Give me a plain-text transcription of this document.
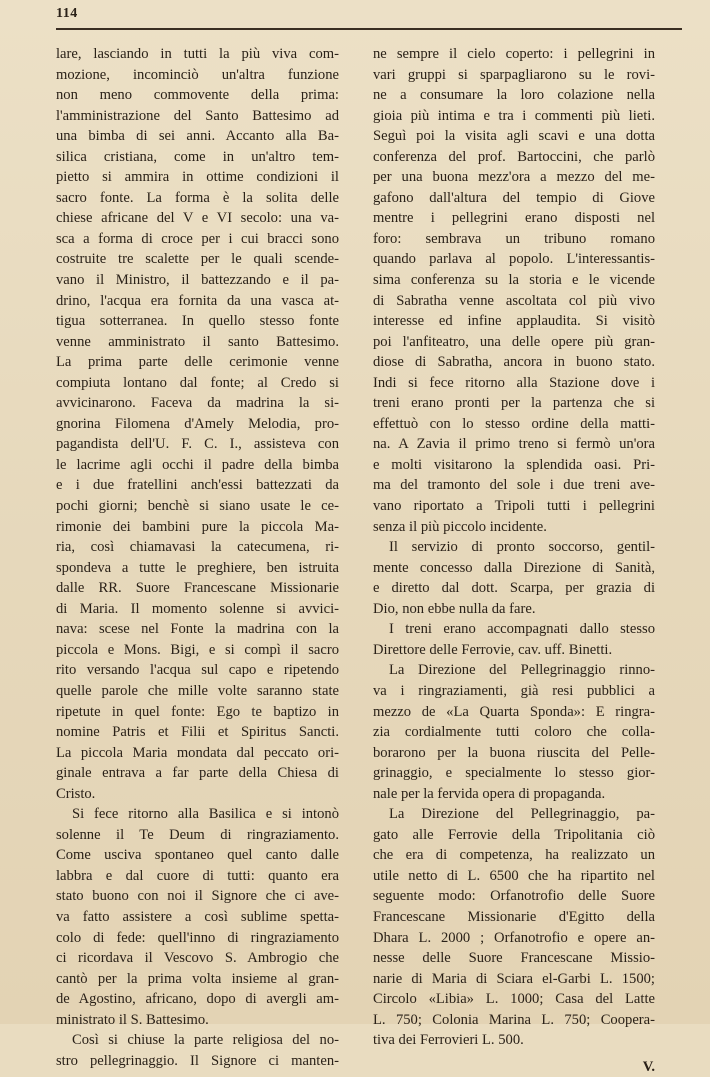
114
lare, lasciando in tutti la più viva com-
mozione, incominciò un'altra funzione
non meno commovente della prima:
l'amministrazione del Santo Battesimo ad
una bimba di sei anni. Accanto alla Ba-
silica cristiana, come in un'altro tem-
pietto si ammira in ottime condizioni il
sacro fonte. La forma è la solita delle
chiese africane del V e VI secolo: una va-
sca a forma di croce per i cui bracci sono
costruite tre scalette per le quali scende-
vano il Ministro, il battezzando e il pa-
drino, l'acqua era fornita da una vasca at-
tigua sotterranea. In quello stesso fonte
venne amministrato il santo Battesimo.
La prima parte delle cerimonie venne
compiuta lontano dal fonte; al Credo si
avvicinarono. Faceva da madrina la si-
gnorina Filomena d'Amely Melodia, pro-
pagandista dell'U. F. C. I., assisteva con
le lacrime agli occhi il padre della bimba
e i due fratellini anch'essi battezzati da
pochi giorni; benchè si siano usate le ce-
rimonie dei bambini pure la piccola Ma-
ria, così chiamavasi la catecumena, ri-
spondeva a tutte le preghiere, ben istruita
dalle RR. Suore Francescane Missionarie
di Maria. Il momento solenne si avvici-
nava: scese nel Fonte la madrina con la
piccola e Mons. Bigi, e si compì il sacro
rito versando l'acqua sul capo e ripetendo
quelle parole che mille volte saranno state
ripetute in quel fonte: Ego te baptizo in
nomine Patris et Filii et Spiritus Sancti.
La piccola Maria mondata dal peccato ori-
ginale entrava a far parte della Chiesa di
Cristo.
Si fece ritorno alla Basilica e si intonò
solenne il Te Deum di ringraziamento.
Come usciva spontaneo quel canto dalle
labbra e dal cuore di tutti: quanto era
stato buono con noi il Signore che ci ave-
va fatto assistere a così sublime spetta-
colo di fede: quell'inno di ringraziamento
ci ricordava il Vescovo S. Ambrogio che
cantò per la prima volta insieme al gran-
de Agostino, africano, dopo di avergli am-
ministrato il S. Battesimo.
Così si chiuse la parte religiosa del no-
stro pellegrinaggio. Il Signore ci manten-
ne sempre il cielo coperto: i pellegrini in
vari gruppi si sparpagliarono su le rovi-
ne a consumare la loro colazione nella
gioia più intima e tra i commenti più lieti.
Seguì poi la visita agli scavi e una dotta
conferenza del prof. Bartoccini, che parlò
per una buona mezz'ora a mezzo del me-
gafono dall'altura del tempio di Giove
mentre i pellegrini erano disposti nel
foro: sembrava un tribuno romano
quando parlava al popolo. L'interessantis-
sima conferenza su la storia e le vicende
di Sabratha venne ascoltata col più vivo
interesse ed infine applaudita. Si visitò
poi l'anfiteatro, una delle opere più gran-
diose di Sabratha, ancora in buono stato.
Indi si fece ritorno alla Stazione dove i
treni erano pronti per la partenza che si
effettuò con lo stesso ordine della matti-
na. A Zavia il primo treno si fermò un'ora
e molti visitarono la splendida oasi. Pri-
ma del tramonto del sole i due treni ave-
vano riportato a Tripoli tutti i pellegrini
senza il più piccolo incidente.
Il servizio di pronto soccorso, gentil-
mente concesso dalla Direzione di Sanità,
e diretto dal dott. Scarpa, per grazia di
Dio, non ebbe nulla da fare.
I treni erano accompagnati dallo stesso
Direttore delle Ferrovie, cav. uff. Binetti.
La Direzione del Pellegrinaggio rinno-
va i ringraziamenti, già resi pubblici a
mezzo de «La Quarta Sponda»: E ringra-
zia cordialmente tutti coloro che colla-
borarono per la buona riuscita del Pelle-
grinaggio, e specialmente lo stesso gior-
nale per la fervida opera di propaganda.
La Direzione del Pellegrinaggio, pa-
gato alle Ferrovie della Tripolitania ciò
che era di competenza, ha realizzato un
utile netto di L. 6500 che ha ripartito nel
seguente modo: Orfanotrofio delle Suore
Francescane Missionarie d'Egitto della
Dhara L. 2000 ; Orfanotrofio e opere an-
nesse delle Suore Francescane Missio-
narie di Maria di Sciara el-Garbi L. 1500;
Circolo «Libia» L. 1000; Casa del Latte
L. 750; Colonia Marina L. 750; Coopera-
tiva dei Ferrovieri L. 500.
V.
